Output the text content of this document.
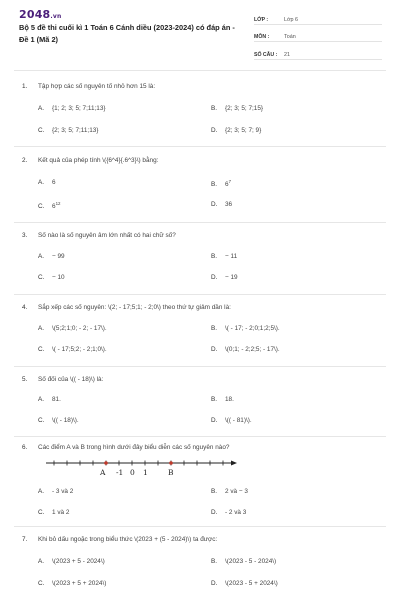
2048.vn
Bộ 5 đề thi cuối kì 1 Toán 6 Cánh diều (2023-2024) có đáp án - Đề 1 (Mã 2)
LỚP :	Lớp 6
MÔN :	Toán
SỐ CÂU :	21
1. Tập hợp các số nguyên tố nhỏ hơn 15 là:
A. {1; 2; 3; 5; 7;11;13}	B. {2; 3; 5; 7;15}
C. {2; 3; 5; 7;11;13}	D. {2; 3; 5; 7; 9}
2. Kết quả của phép tính \({6^4}{.6^3}\) bằng:
A. 6	B. $6^7$
C. $6^{12}$	D. 36
3. Số nào là số nguyên âm lớn nhất có hai chữ số?
A. − 99	B. − 11
C. − 10	D. − 19
4. Sắp xếp các số nguyên: \(2; - 17;5;1; - 2;0\) theo thứ tự giảm dần là:
A. \(5;2;1;0; - 2; - 17\).	B. \( - 17; - 2;0;1;2;5\).
C. \( - 17;5;2; - 2;1;0\).	D. \(0;1; - 2;2;5; - 17\).
5. Số đối của \(( - 18)\) là:
A. 81.	B. 18.
C. \(( - 18)\).	D. \(( - 81)\).
6. Các điểm A và B trong hình dưới đây biểu diễn các số nguyên nào?
A -1 0 1	B
A. - 3 và 2	B. 2 và − 3
C. 1 và 2	D. - 2 và 3
7. Khi bỏ dấu ngoặc trong biểu thức \(2023 + (5 - 2024)\) ta được:
A. \(2023 + 5 - 2024\)	B. \(2023 - 5 - 2024\)
C. \(2023 + 5 + 2024\)	D. \(2023 - 5 + 2024\)
